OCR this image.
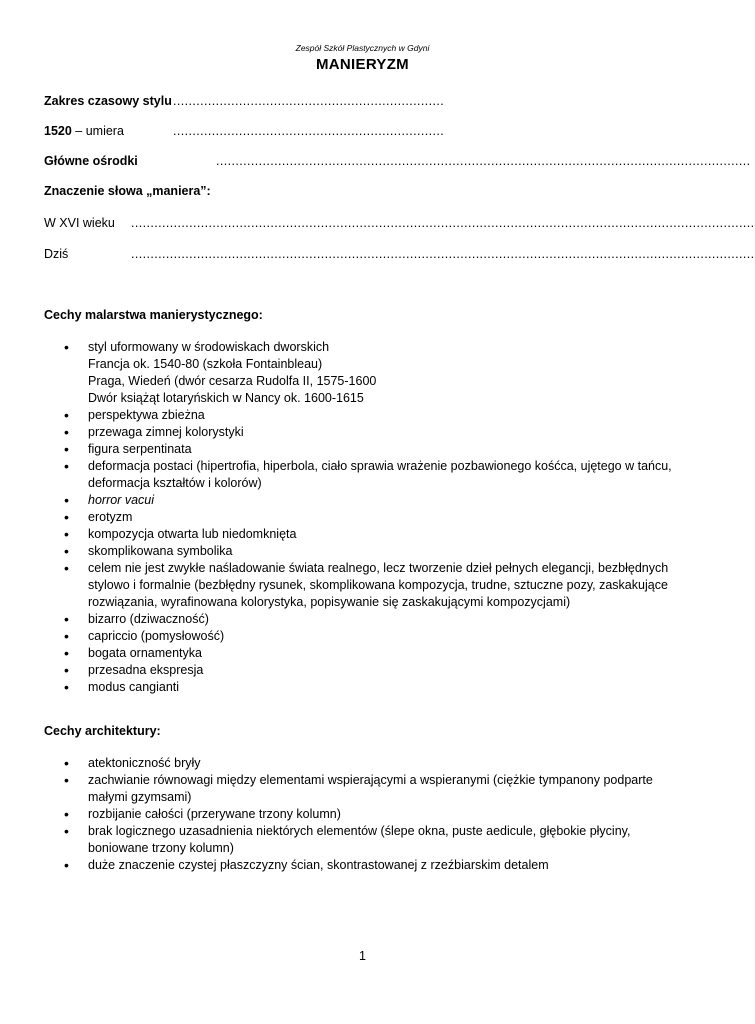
Zespół Szkół Plastycznych w Gdyni
MANIERYZM
Zakres czasowy stylu ......................................................................
1520 – umiera	......................................................................
Główne ośrodki	..........................................................................................................................................
Znaczenie słowa „maniera”:
W XVI wieku .................................................................................................................................................................
Dziś	.................................................................................................................................................................
Cechy malarstwa manierystycznego:
• styl uformowany w środowiskach dworskich
Francja ok. 1540-80 (szkoła Fontainbleau)
Praga, Wiedeń (dwór cesarza Rudolfa II, 1575-1600
Dwór książąt lotaryńskich w Nancy ok. 1600-1615
• perspektywa zbieżna
• przewaga zimnej kolorystyki
• figura serpentinata
• deformacja postaci (hipertrofia, hiperbola, ciało sprawia wrażenie pozbawionego kośćca, ujętego w tańcu, deformacja kształtów i kolorów)
• horror vacui
• erotyzm
• kompozycja otwarta lub niedomknięta
• skomplikowana symbolika
• celem nie jest zwykłe naśladowanie świata realnego, lecz tworzenie dzieł pełnych elegancji, bezbłędnych stylowo i formalnie (bezbłędny rysunek, skomplikowana kompozycja, trudne, sztuczne pozy, zaskakujące rozwiązania, wyrafinowana kolorystyka, popisywanie się zaskakującymi kompozycjami)
• bizarro (dziwaczność)
• capriccio (pomysłowość)
• bogata ornamentyka
• przesadna ekspresja
• modus cangianti
Cechy architektury:
• atektoniczność bryły
• zachwianie równowagi między elementami wspierającymi a wspieranymi (ciężkie tympanony podparte małymi gzymsami)
• rozbijanie całości (przerywane trzony kolumn)
• brak logicznego uzasadnienia niektórych elementów (ślepe okna, puste aedicule, głębokie płyciny, boniowane trzony kolumn)
• duże znaczenie czystej płaszczyzny ścian, skontrastowanej z rzeźbiarskim detalem
1
